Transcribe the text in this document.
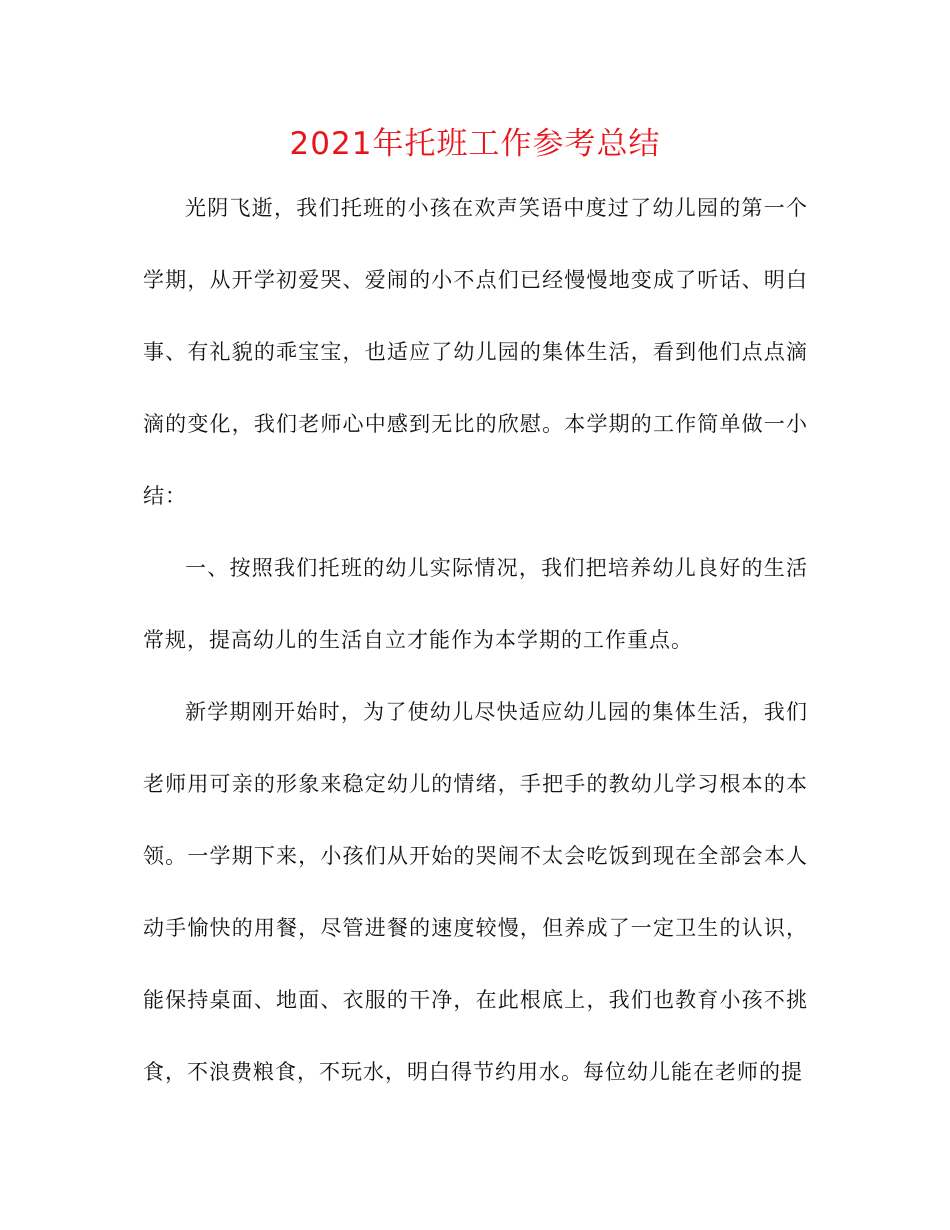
2021年托班工作参考总结

光阴飞逝，我们托班的小孩在欢声笑语中度过了幼儿园的第一个学期，从开学初爱哭、爱闹的小不点们已经慢慢地变成了听话、明白事、有礼貌的乖宝宝，也适应了幼儿园的集体生活，看到他们点点滴滴的变化，我们老师心中感到无比的欣慰。本学期的工作简单做一小结：

一、按照我们托班的幼儿实际情况，我们把培养幼儿良好的生活常规，提高幼儿的生活自立才能作为本学期的工作重点。

新学期刚开始时，为了使幼儿尽快适应幼儿园的集体生活，我们老师用可亲的形象来稳定幼儿的情绪，手把手的教幼儿学习根本的本领。一学期下来，小孩们从开始的哭闹不太会吃饭到现在全部会本人动手愉快的用餐，尽管进餐的速度较慢，但养成了一定卫生的认识，能保持桌面、地面、衣服的干净，在此根底上，我们也教育小孩不挑食，不浪费粮食，不玩水，明白得节约用水。每位幼儿能在老师的提
